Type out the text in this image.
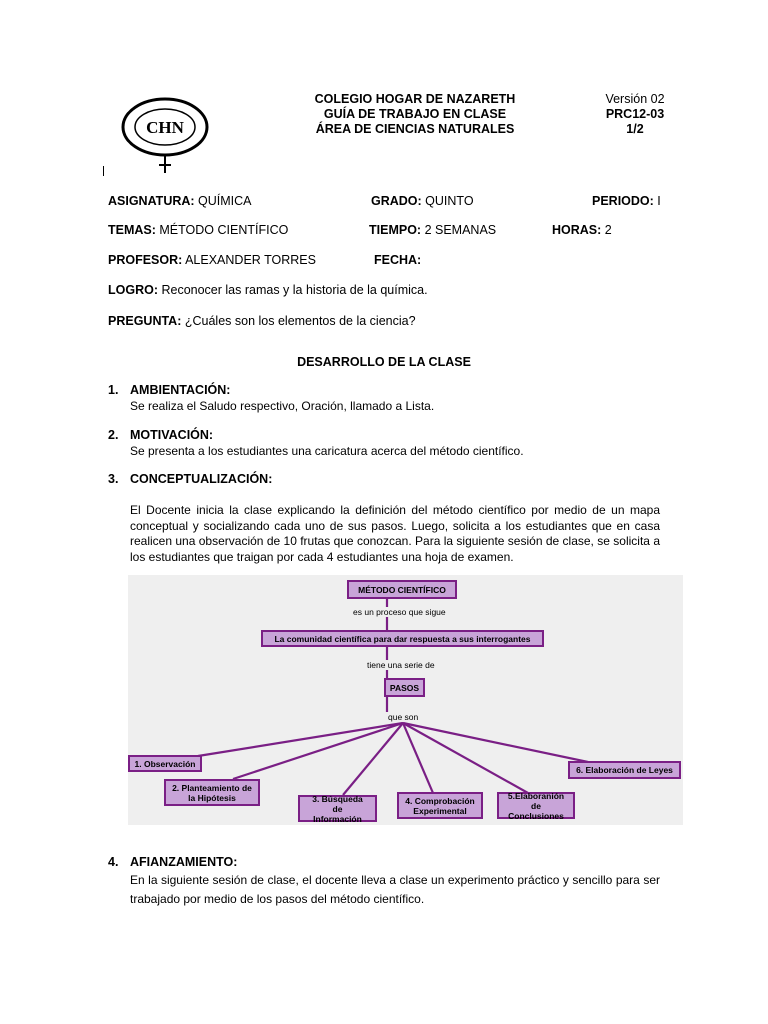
CHN
COLEGIO HOGAR DE NAZARETH
GUÍA DE TRABAJO EN CLASE
ÁREA DE CIENCIAS NATURALES
Versión 02
PRC12-03
1/2
ASIGNATURA: QUÍMICA	GRADO: QUINTO	PERIODO: I
TEMAS: MÉTODO CIENTÍFICO	TIEMPO: 2 SEMANAS	HORAS: 2
PROFESOR: ALEXANDER TORRES	FECHA:
LOGRO: Reconocer las ramas y la historia de la química.
PREGUNTA: ¿Cuáles son los elementos de la ciencia?
DESARROLLO DE LA CLASE
1. AMBIENTACIÓN:
Se realiza el Saludo respectivo, Oración, llamado a Lista.
2. MOTIVACIÓN:
Se presenta a los estudiantes una caricatura acerca del método científico.
3. CONCEPTUALIZACIÓN:
El Docente inicia la clase explicando la definición del método científico por medio de un mapa conceptual y socializando cada uno de sus pasos. Luego, solicita a los estudiantes que en casa realicen una observación de 10 frutas que conozcan. Para la siguiente sesión de clase, se solicita a los estudiantes que traigan por cada 4 estudiantes una hoja de examen.
MÉTODO CIENTÍFICO
es un proceso que sigue
La comunidad científica para dar respuesta a sus interrogantes
tiene una serie de
PASOS
que son
1. Observación
2. Planteamiento de la Hipótesis	3. Búsqueda de Información
4. Comprobación Experimental
5.Elaboranión de Conclusiones
6. Elaboración de Leyes
4. AFIANZAMIENTO:
En la siguiente sesión de clase, el docente lleva a clase un experimento práctico y sencillo para ser trabajado por medio de los pasos del método científico.
